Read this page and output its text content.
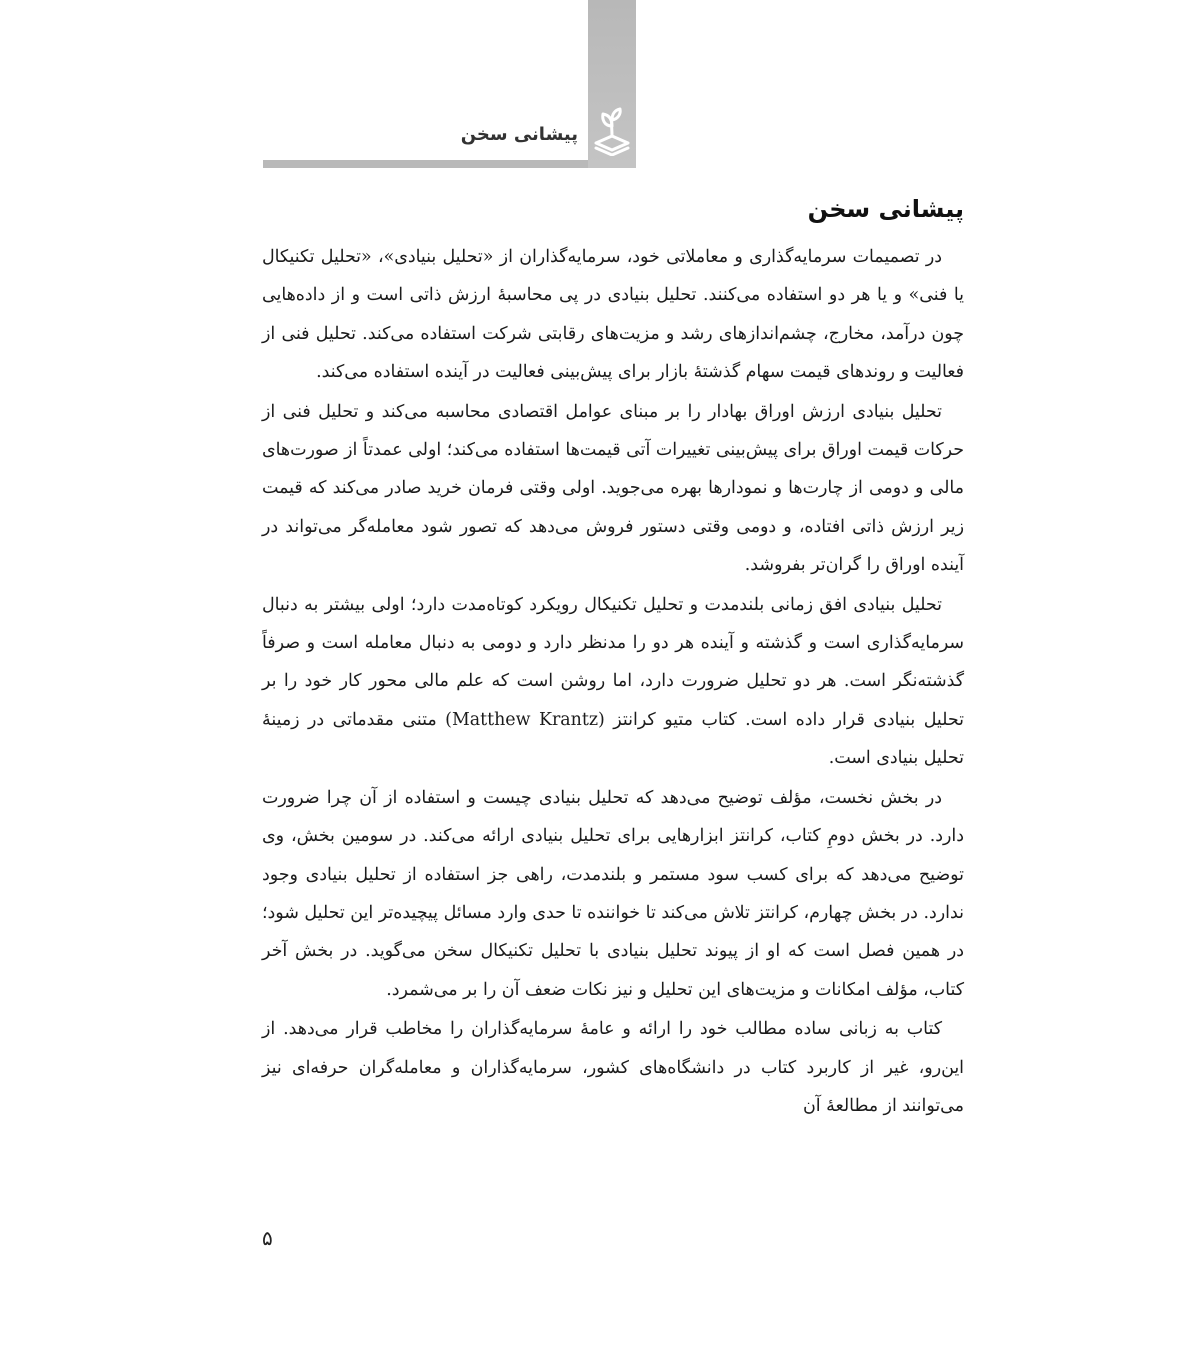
پیشانی سخن
پیشانی سخن

در تصمیمات سرمایه‌گذاری و معاملاتی خود، سرمایه‌گذاران از «تحلیل بنیادی»، «تحلیل تکنیکال یا فنی» و یا هر دو استفاده می‌کنند. تحلیل بنیادی در پی محاسبهٔ ارزش ذاتی است و از داده‌هایی چون درآمد، مخارج، چشم‌اندازهای رشد و مزیت‌های رقابتی شرکت استفاده می‌کند. تحلیل فنی از فعالیت و روندهای قیمت سهام گذشتهٔ بازار برای پیش‌بینی فعالیت در آینده استفاده می‌کند.

تحلیل بنیادی ارزش اوراق بهادار را بر مبنای عوامل اقتصادی محاسبه می‌کند و تحلیل فنی از حرکات قیمت اوراق برای پیش‌بینی تغییرات آتی قیمت‌ها استفاده می‌کند؛ اولی عمدتاً از صورت‌های مالی و دومی از چارت‌ها و نمودارها بهره می‌جوید. اولی وقتی فرمان خرید صادر می‌کند که قیمت زیر ارزش ذاتی افتاده، و دومی وقتی دستور فروش می‌دهد که تصور شود معامله‌گر می‌تواند در آینده اوراق را گران‌تر بفروشد.

تحلیل بنیادی افق زمانی بلندمدت و تحلیل تکنیکال رویکرد کوتاه‌مدت دارد؛ اولی بیشتر به دنبال سرمایه‌گذاری است و گذشته و آینده هر دو را مدنظر دارد و دومی به دنبال معامله است و صرفاً گذشته‌نگر است. هر دو تحلیل ضرورت دارد، اما روشن است که علم مالی محور کار خود را بر تحلیل بنیادی قرار داده است. کتاب متیو کرانتز (Matthew Krantz) متنی مقدماتی در زمینهٔ تحلیل بنیادی است.

در بخش نخست، مؤلف توضیح می‌دهد که تحلیل بنیادی چیست و استفاده از آن چرا ضرورت دارد. در بخش دومِ کتاب، کرانتز ابزارهایی برای تحلیل بنیادی ارائه می‌کند. در سومین بخش، وی توضیح می‌دهد که برای کسب سود مستمر و بلندمدت، راهی جز استفاده از تحلیل بنیادی وجود ندارد. در بخش چهارم، کرانتز تلاش می‌کند تا خواننده تا حدی وارد مسائل پیچیده‌تر این تحلیل شود؛ در همین فصل است که او از پیوند تحلیل بنیادی با تحلیل تکنیکال سخن می‌گوید. در بخش آخر کتاب، مؤلف امکانات و مزیت‌های این تحلیل و نیز نکات ضعف آن را بر می‌شمرد.

کتاب به زبانی ساده مطالب خود را ارائه و عامهٔ سرمایه‌گذاران را مخاطب قرار می‌دهد. از این‌رو، غیر از کاربرد کتاب در دانشگاه‌های کشور، سرمایه‌گذاران و معامله‌گران حرفه‌ای نیز می‌توانند از مطالعهٔ آن

۵
